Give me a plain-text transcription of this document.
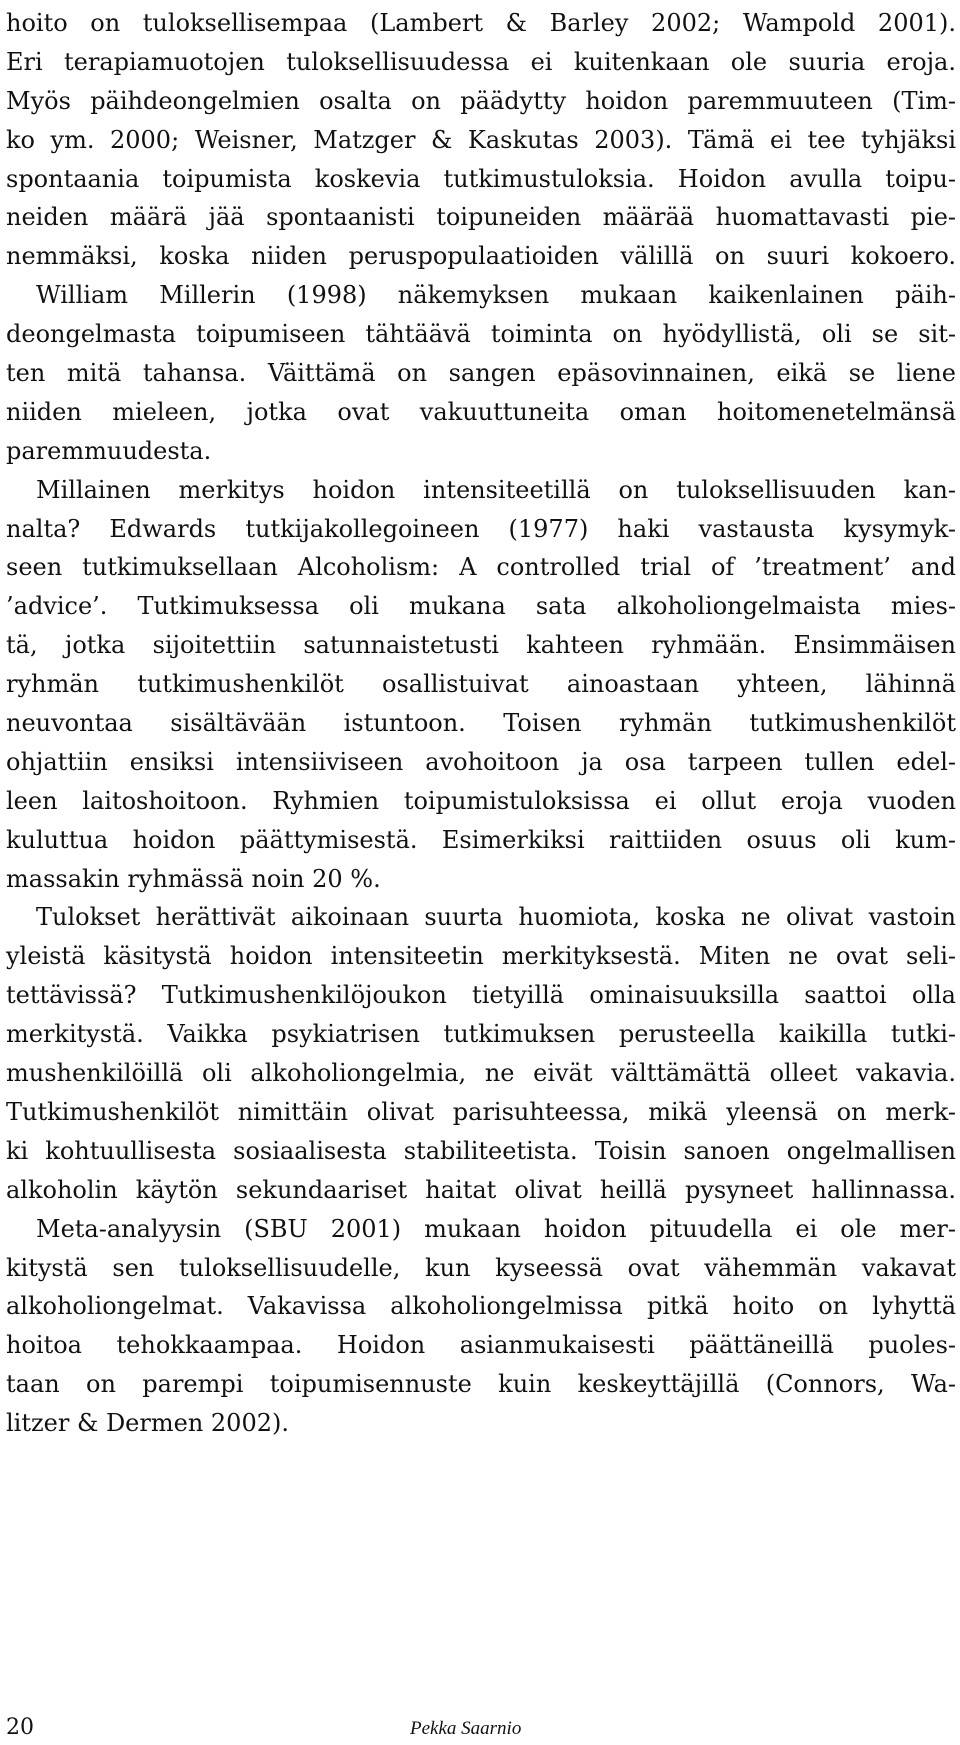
hoito on tuloksellisempaa (Lambert & Barley 2002; Wampold 2001).
Eri terapiamuotojen tuloksellisuudessa ei kuitenkaan ole suuria eroja.
Myös päihdeongelmien osalta on päädytty hoidon paremmuuteen (Tim-
ko ym. 2000; Weisner, Matzger & Kaskutas 2003). Tämä ei tee tyhjäksi
spontaania toipumista koskevia tutkimustuloksia. Hoidon avulla toipu-
neiden määrä jää spontaanisti toipuneiden määrää huomattavasti pie-
nemmäksi, koska niiden peruspopulaatioiden välillä on suuri kokoero.
William Millerin (1998) näkemyksen mukaan kaikenlainen päih-
deongelmasta toipumiseen tähtäävä toiminta on hyödyllistä, oli se sit-
ten mitä tahansa. Väittämä on sangen epäsovinnainen, eikä se liene
niiden mieleen, jotka ovat vakuuttuneita oman hoitomenetelmänsä
paremmuudesta.
Millainen merkitys hoidon intensiteetillä on tuloksellisuuden kan-
nalta? Edwards tutkijakollegoineen (1977) haki vastausta kysymyk-
seen tutkimuksellaan Alcoholism: A controlled trial of ’treatment’ and
’advice’. Tutkimuksessa oli mukana sata alkoholiongelmaista mies-
tä, jotka sijoitettiin satunnaistetusti kahteen ryhmään. Ensimmäisen
ryhmän tutkimushenkilöt osallistuivat ainoastaan yhteen, lähinnä
neuvontaa sisältävään istuntoon. Toisen ryhmän tutkimushenkilöt
ohjattiin ensiksi intensiiviseen avohoitoon ja osa tarpeen tullen edel-
leen laitoshoitoon. Ryhmien toipumistuloksissa ei ollut eroja vuoden
kuluttua hoidon päättymisestä. Esimerkiksi raittiiden osuus oli kum-
massakin ryhmässä noin 20 %.
Tulokset herättivät aikoinaan suurta huomiota, koska ne olivat vastoin
yleistä käsitystä hoidon intensiteetin merkityksestä. Miten ne ovat seli-
tettävissä? Tutkimushenkilöjoukon tietyillä ominaisuuksilla saattoi olla
merkitystä. Vaikka psykiatrisen tutkimuksen perusteella kaikilla tutki-
mushenkilöillä oli alkoholiongelmia, ne eivät välttämättä olleet vakavia.
Tutkimushenkilöt nimittäin olivat parisuhteessa, mikä yleensä on merk-
ki kohtuullisesta sosiaalisesta stabiliteetista. Toisin sanoen ongelmallisen
alkoholin käytön sekundaariset haitat olivat heillä pysyneet hallinnassa.
Meta-analyysin (SBU 2001) mukaan hoidon pituudella ei ole mer-
kitystä sen tuloksellisuudelle, kun kyseessä ovat vähemmän vakavat
alkoholiongelmat. Vakavissa alkoholiongelmissa pitkä hoito on lyhyttä
hoitoa tehokkaampaa. Hoidon asianmukaisesti päättäneillä puoles-
taan on parempi toipumisennuste kuin keskeyttäjillä (Connors, Wa-
litzer & Dermen 2002).
20	Pekka Saarnio
